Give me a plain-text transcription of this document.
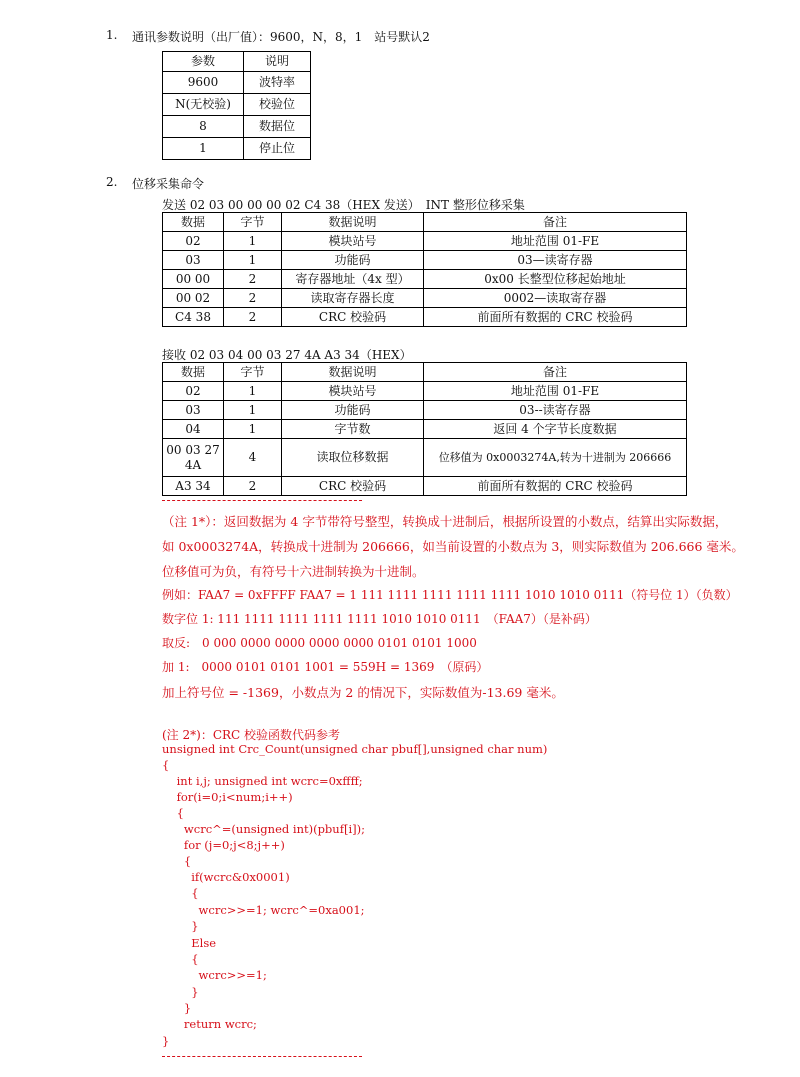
1. 通讯参数说明（出厂值）：9600，N，8，1　站号默认2
参数	说明
9600	波特率
N(无校验)	校验位
8	数据位
1	停止位
2. 位移采集命令
发送 02 03 00 00 00 02 C4 38（HEX 发送）　INT 整形位移采集
数据	字节	数据说明	备注
02	1	模块站号	地址范围 01-FE
03	1	功能码	03—读寄存器
00 00	2	寄存器地址（4x 型）	0x00 长整型位移起始地址
00 02	2	读取寄存器长度	0002—读取寄存器
C4 38	2	CRC 校验码	前面所有数据的 CRC 校验码
接收 02 03 04 00 03 27 4A A3 34（HEX）
数据	字节	数据说明	备注
02	1	模块站号	地址范围 01-FE
03	1	功能码	03--读寄存器
04	1	字节数	返回 4 个字节长度数据
00 03 27 4A	4	读取位移数据	位移值为 0x0003274A,转为十进制为 206666
A3 34	2	CRC 校验码	前面所有数据的 CRC 校验码
（注 1*）：返回数据为 4 字节带符号整型，转换成十进制后，根据所设置的小数点，结算出实际数据，
如 0x0003274A，转换成十进制为 206666，如当前设置的小数点为 3，则实际数值为 206.666 毫米。
位移值可为负，有符号十六进制转换为十进制。
例如：FAA7 = 0xFFFF FAA7 = 1 111 1111 1111 1111 1111 1010 1010 0111（符号位 1）（负数）
数字位 1: 111 1111 1111 1111 1111 1010 1010 0111　（FAA7）（是补码）
取反:　0 000 0000 0000 0000 0000 0101 0101 1000
加 1:　0000 0101 0101 1001 = 559H = 1369　（原码）
加上符号位 = -1369，小数点为 2 的情况下，实际数值为-13.69 毫米。
(注 2*)：CRC 校验函数代码参考
unsigned int Crc_Count(unsigned char pbuf[],unsigned char num)
{
int i,j; unsigned int wcrc=0xffff;
for(i=0;i<num;i++)
{
wcrc^=(unsigned int)(pbuf[i]);
for (j=0;j<8;j++)
{
if(wcrc&0x0001)
{
wcrc>>=1; wcrc^=0xa001;
}
Else
{
wcrc>>=1;
}
}
return wcrc;
}
